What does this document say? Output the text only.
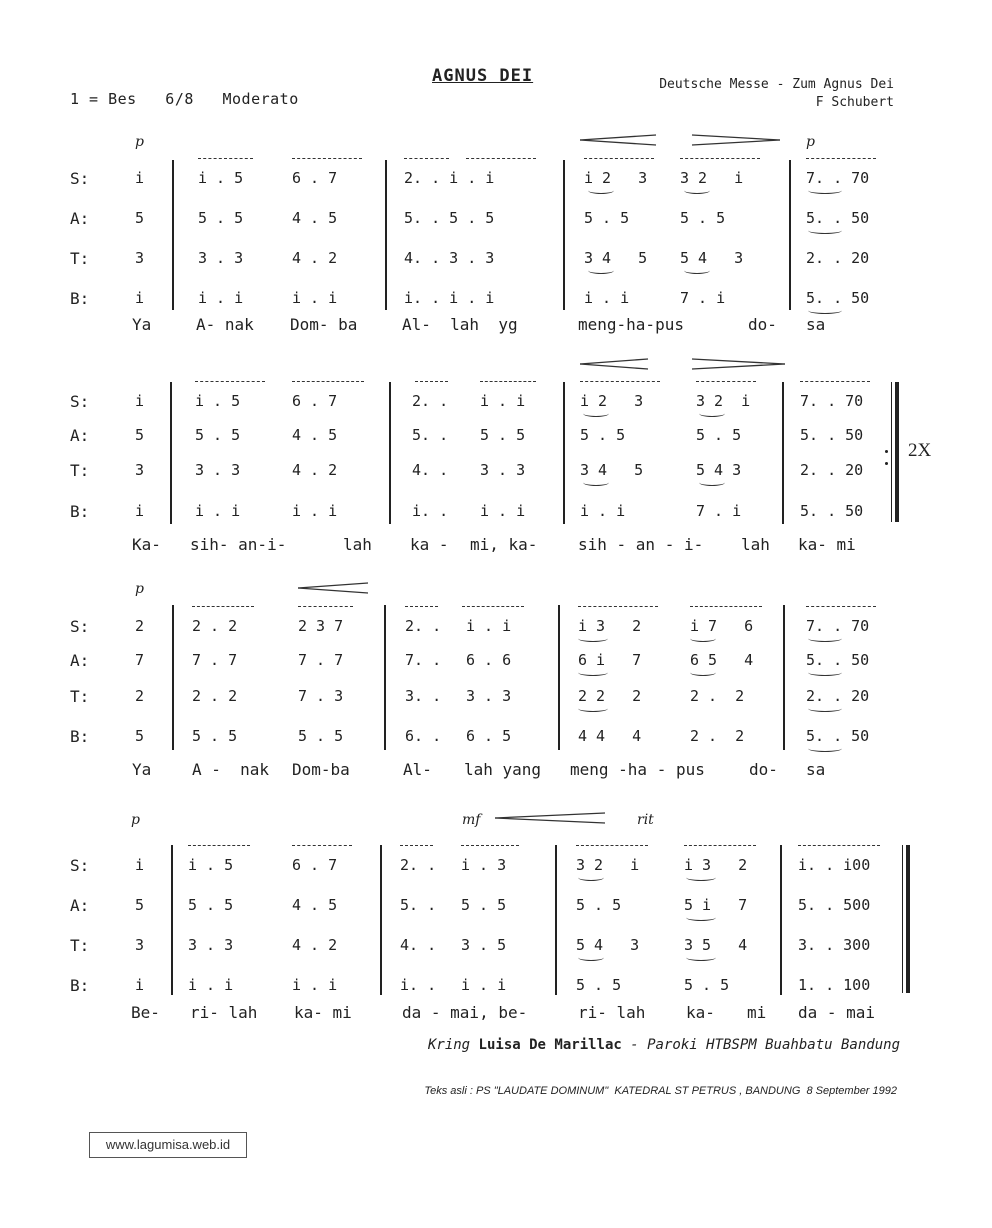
AGNUS DEI
1 = Bes   6/8   Moderato
Deutsche Messe - Zum Agnus Dei
F Schubert
p	p
S:
A:
T:
B:
i	i . 5	6 . 7	2. . i . i	i 2   3 3 2   i	7. . 70
5	5 . 5	4 . 5	5. . 5 . 5	5 . 5	5 . 5	5. . 50
3	3 . 3	4 . 2	4. . 3 . 3	3 4   5 5 4   3	2. . 20
i	i . i	i . i	i. . i . i	i . i	7 . i	5. . 50
Ya	A- nak Dom- ba	Al-  lah  yg	meng-ha-pus	do- sa
S:
A:
T:
B:
2X
i	i . 5	6 . 7	2. . i . i	i 2   3	3 2  i	7. . 70
5	5 . 5	4 . 5	5. . 5 . 5	5 . 5	5 . 5	5. . 50
3	3 . 3	4 . 2	4. . 3 . 3	3 4   5	5 4 3	2. . 20
i	i . i	i . i	i. . i . i	i . i	7 . i	5. . 50
Ka- sih- an-i-	lah ka - mi, ka-	sih - an - i- lah ka- mi
p
S:
A:
T:
B:
2	2 . 2	2 3 7	2. . i . i	i 3   2	i 7   6	7. . 70
7	7 . 7	7 . 7	7. . 6 . 6	6 i   7	6 5   4	5. . 50
2	2 . 2	7 . 3	3. . 3 . 3	2 2   2	2 .  2	2. . 20
5	5 . 5	5 . 5	6. . 6 . 5	4 4   4	2 .  2	5. . 50
Ya	A -  nak Dom-ba	Al- lah yang meng -ha - pus	do- sa
p	mf	rit
S:
A:
T:
B:
i	i . 5	6 . 7	2. . i . 3	3 2   i	i 3   2	i. . i00
5	5 . 5	4 . 5	5. . 5 . 5	5 . 5	5 i   7	5. . 500
3	3 . 3	4 . 2	4. . 3 . 5	5 4   3	3 5   4	3. . 300
i	i . i	i . i	i. . i . i	5 . 5	5 . 5	1. . 100
Be- ri- lah ka- mi	da - mai, be-	ri- lah	ka- mi da - mai
Kring Luisa De Marillac - Paroki HTBSPM Buahbatu Bandung
Teks asli : PS "LAUDATE DOMINUM"  KATEDRAL ST PETRUS , BANDUNG  8 September 1992
www.lagumisa.web.id
